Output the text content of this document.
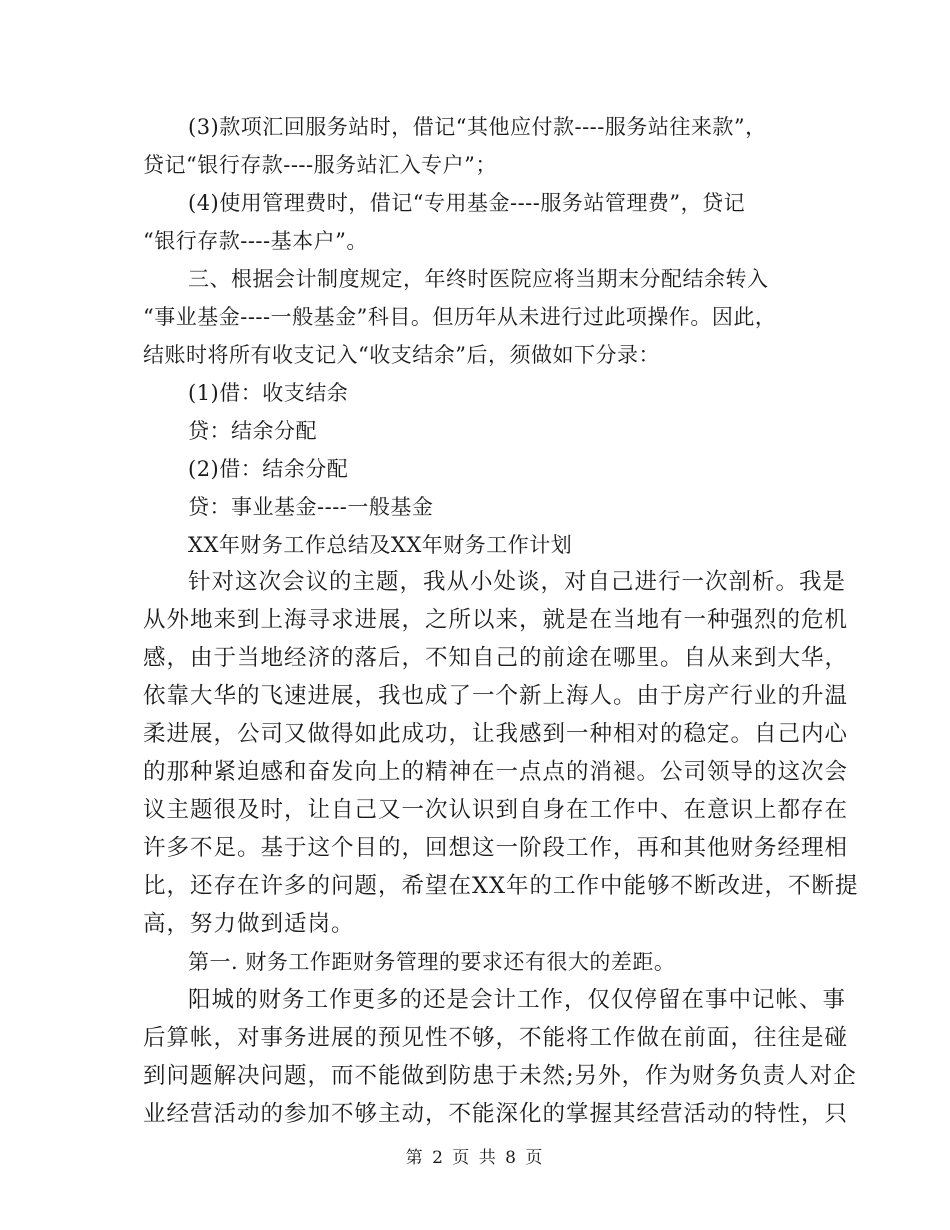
(3)款项汇回服务站时，借记“其他应付款----服务站往来款”，
贷记“银行存款----服务站汇入专户”；
(4)使用管理费时，借记“专用基金----服务站管理费”，贷记
“银行存款----基本户”。
三、根据会计制度规定，年终时医院应将当期末分配结余转入
“事业基金----一般基金”科目。但历年从未进行过此项操作。因此，
结账时将所有收支记入“收支结余”后，须做如下分录：
(1)借：收支结余
贷：结余分配
(2)借：结余分配
贷：事业基金----一般基金
XX年财务工作总结及XX年财务工作计划
针对这次会议的主题，我从小处谈，对自己进行一次剖析。我是
从外地来到上海寻求进展，之所以来，就是在当地有一种强烈的危机
感，由于当地经济的落后，不知自己的前途在哪里。自从来到大华，
依靠大华的飞速进展，我也成了一个新上海人。由于房产行业的升温
柔进展，公司又做得如此成功，让我感到一种相对的稳定。自己内心
的那种紧迫感和奋发向上的精神在一点点的消褪。公司领导的这次会
议主题很及时，让自己又一次认识到自身在工作中、在意识上都存在
许多不足。基于这个目的，回想这一阶段工作，再和其他财务经理相
比，还存在许多的问题，希望在XX年的工作中能够不断改进，不断提
高，努力做到适岗。
第一. 财务工作距财务管理的要求还有很大的差距。
阳城的财务工作更多的还是会计工作，仅仅停留在事中记帐、事
后算帐，对事务进展的预见性不够，不能将工作做在前面，往往是碰
到问题解决问题，而不能做到防患于未然;另外，作为财务负责人对企
业经营活动的参加不够主动，不能深化的掌握其经营活动的特性，只
第 2 页 共 8 页
